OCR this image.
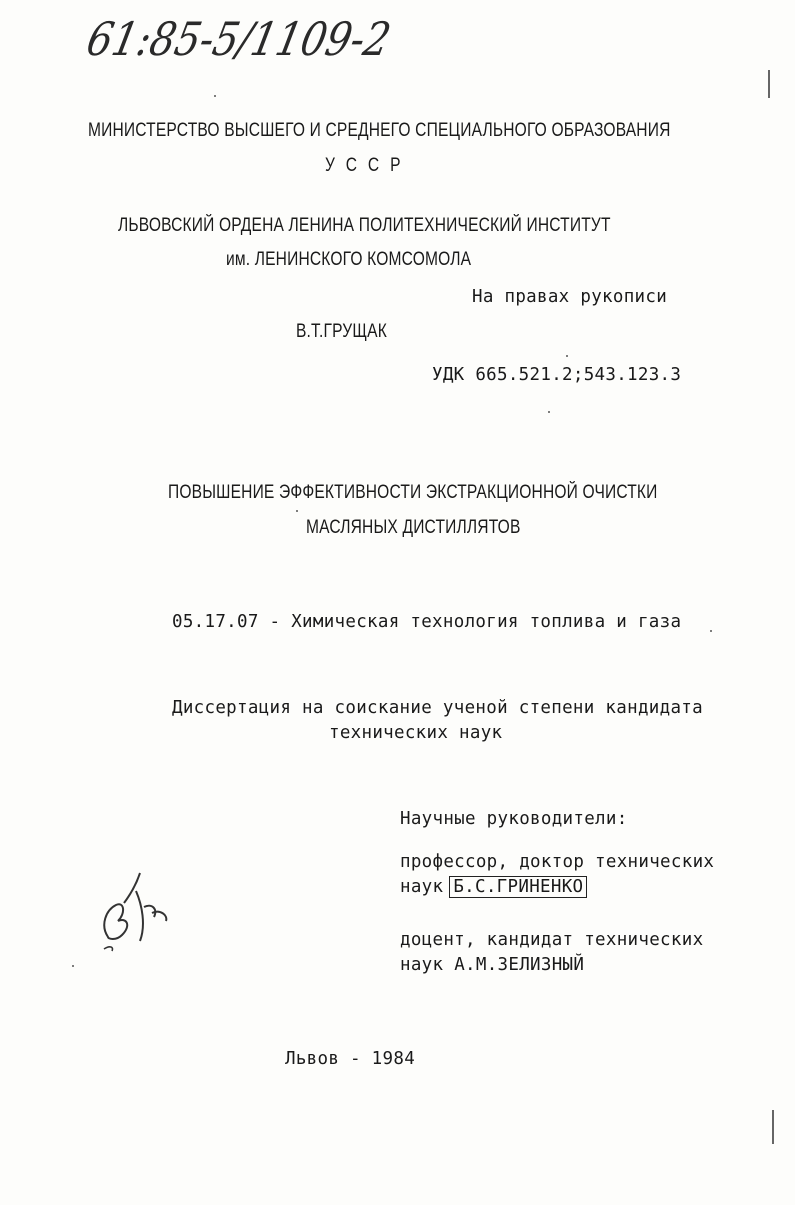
61:85-5/1109-2
МИНИСТЕРСТВО ВЫСШЕГО И СРЕДНЕГО СПЕЦИАЛЬНОГО ОБРАЗОВАНИЯ
У С С Р
ЛЬВОВСКИЙ ОРДЕНА ЛЕНИНА ПОЛИТЕХНИЧЕСКИЙ ИНСТИТУТ
им. ЛЕНИНСКОГО КОМСОМОЛА
На правах рукописи
В.Т.ГРУЩАК
УДК 665.521.2;543.123.3
ПОВЫШЕНИЕ ЭФФЕКТИВНОСТИ ЭКСТРАКЦИОННОЙ ОЧИСТКИ
МАСЛЯНЫХ ДИСТИЛЛЯТОВ
05.17.07 - Химическая технология топлива и газа
Диссертация на соискание ученой степени кандидата
технических наук
Научные руководители:
профессор, доктор технических
наук Б.С.ГРИНЕНКО
доцент, кандидат технических
наук А.М.ЗЕЛИЗНЫЙ
Львов - 1984
